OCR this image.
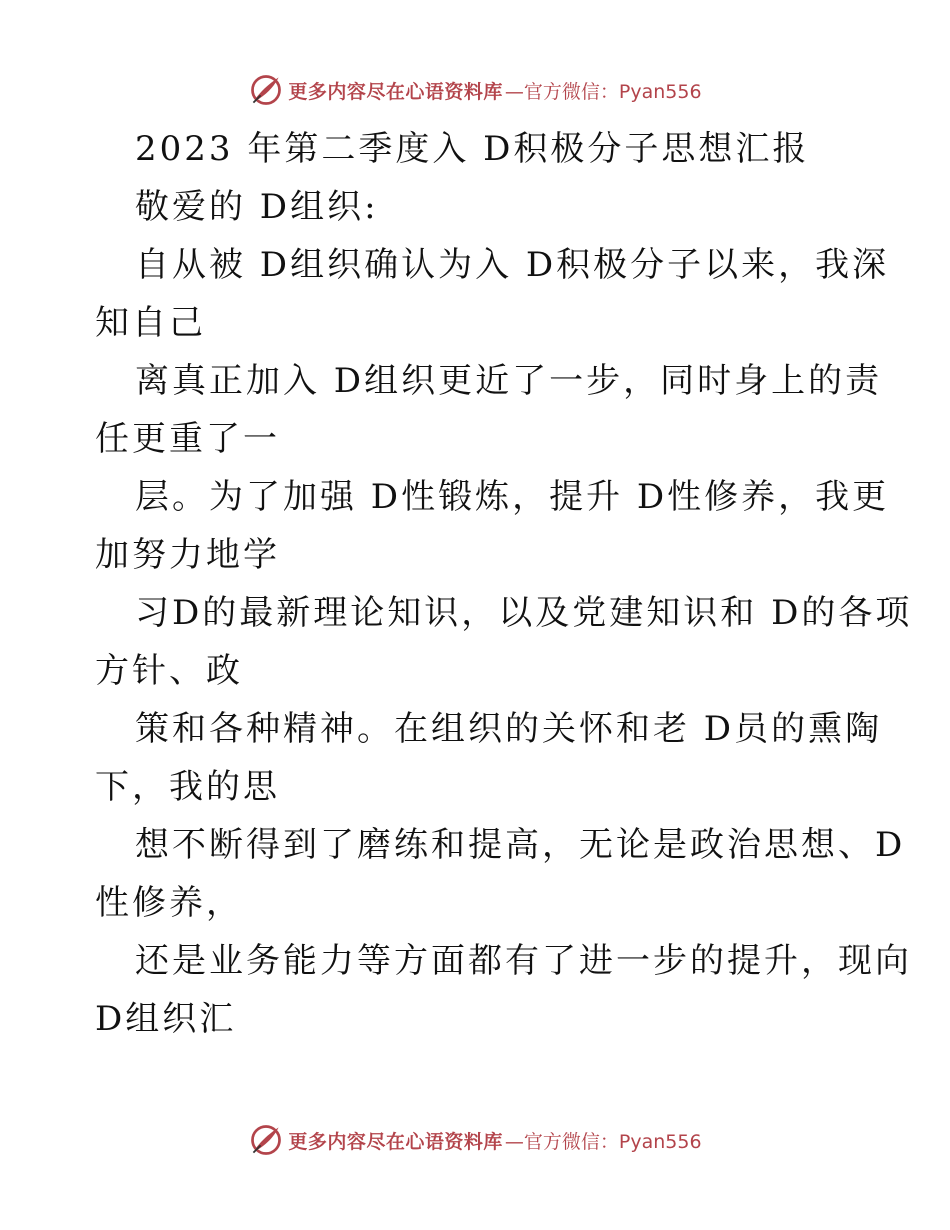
更多内容尽在心语资料库 —官方微信：Pyan556
2023 年第二季度入 D积极分子思想汇报
敬爱的 D组织:
自从被 D组织确认为入 D积极分子以来，我深
知自己
离真正加入 D组织更近了一步，同时身上的责
任更重了一
层。为了加强 D性锻炼，提升 D性修养，我更
加努力地学
习D的最新理论知识，以及党建知识和 D的各项
方针、政
策和各种精神。在组织的关怀和老 D员的熏陶
下，我的思
想不断得到了磨练和提高，无论是政治思想、D
性修养，
还是业务能力等方面都有了进一步的提升，现向
D组织汇
更多内容尽在心语资料库 —官方微信：Pyan556
